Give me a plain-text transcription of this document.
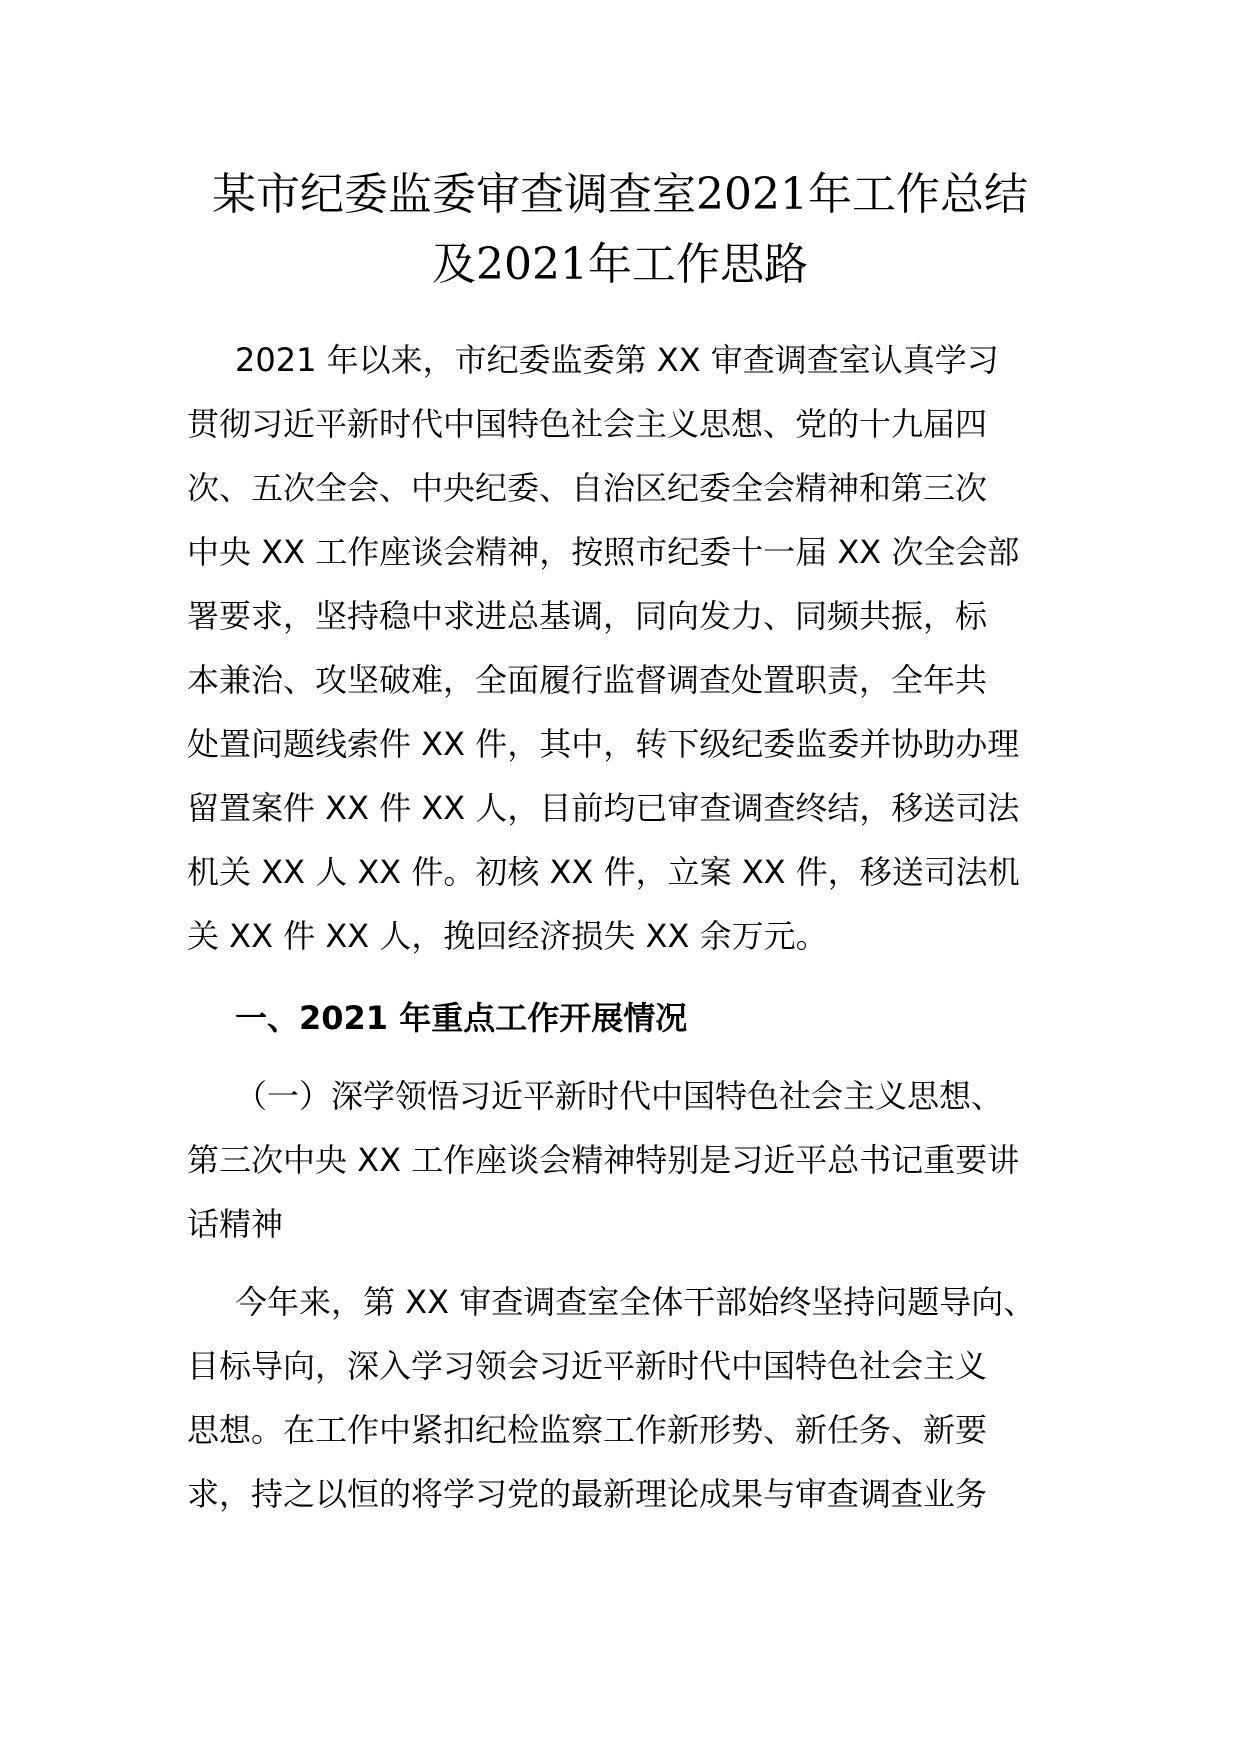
某市纪委监委审查调查室2021年工作总结
及2021年工作思路

2021 年以来，市纪委监委第 XX 审查调查室认真学习

贯彻习近平新时代中国特色社会主义思想、党的十九届四

次、五次全会、中央纪委、自治区纪委全会精神和第三次

中央 XX 工作座谈会精神，按照市纪委十一届 XX 次全会部

署要求，坚持稳中求进总基调，同向发力、同频共振，标

本兼治、攻坚破难，全面履行监督调查处置职责，全年共

处置问题线索件 XX 件，其中，转下级纪委监委并协助办理

留置案件 XX 件 XX 人，目前均已审查调查终结，移送司法

机关 XX 人 XX 件。初核 XX 件，立案 XX 件，移送司法机

关 XX 件 XX 人，挽回经济损失 XX 余万元。

一、2021 年重点工作开展情况

（一）深学领悟习近平新时代中国特色社会主义思想、

第三次中央 XX 工作座谈会精神特别是习近平总书记重要讲

话精神

今年来，第 XX 审查调查室全体干部始终坚持问题导向、

目标导向，深入学习领会习近平新时代中国特色社会主义

思想。在工作中紧扣纪检监察工作新形势、新任务、新要

求，持之以恒的将学习党的最新理论成果与审查调查业务
